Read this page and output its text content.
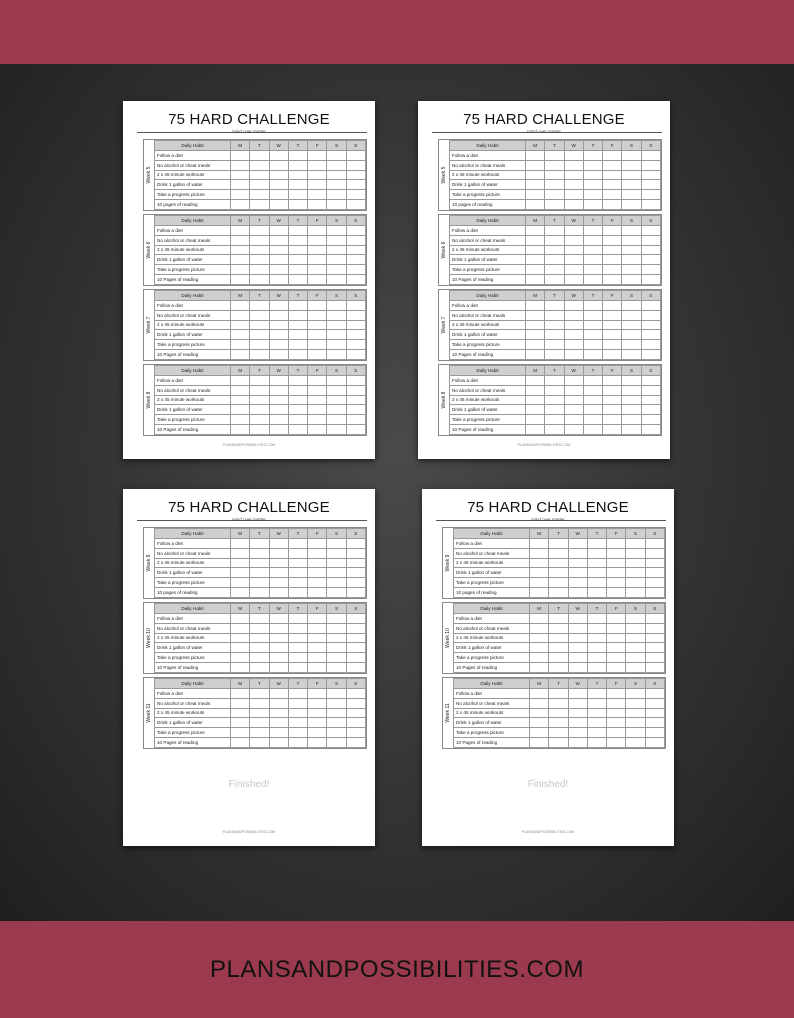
75 HARD CHALLENGE
mind over matter
Week 5
Daily Habit	M	T	W	T	F	S	S
Follow a diet							
No alcohol or cheat meals							
2 x 45 minute workouts							
Drink 1 gallon of water							
Take a progress picture							
10 pages of reading							
Week 6
Daily Habit	M	T	W	T	F	S	S
Follow a diet							
No alcohol or cheat meals							
2 x 45 minute workouts							
Drink 1 gallon of water							
Take a progress picture							
10 Pages of reading							
Week 7
Daily Habit	M	T	W	T	F	S	S
Follow a diet							
No alcohol or cheat meals							
2 x 45 minute workouts							
Drink 1 gallon of water							
Take a progress picture							
10 Pages of reading							
Week 8
Daily Habit	M	T	W	T	F	S	S
Follow a diet							
No alcohol or cheat meals							
2 x 45 minute workouts							
Drink 1 gallon of water							
Take a progress picture							
10 Pages of reading							
PLANSANDPOSSIBILITIES.COM
75 HARD CHALLENGE
mind over matter
Week 5
Daily Habit	M	T	W	T	F	S	S
Follow a diet							
No alcohol or cheat meals							
2 x 45 minute workouts							
Drink 1 gallon of water							
Take a progress picture							
10 pages of reading							
Week 6
Daily Habit	M	T	W	T	F	S	S
Follow a diet							
No alcohol or cheat meals							
2 x 45 minute workouts							
Drink 1 gallon of water							
Take a progress picture							
10 Pages of reading							
Week 7
Daily Habit	M	T	W	T	F	S	S
Follow a diet							
No alcohol or cheat meals							
2 x 45 minute workouts							
Drink 1 gallon of water							
Take a progress picture							
10 Pages of reading							
Week 8
Daily Habit	M	T	W	T	F	S	S
Follow a diet							
No alcohol or cheat meals							
2 x 45 minute workouts							
Drink 1 gallon of water							
Take a progress picture							
10 Pages of reading							
PLANSANDPOSSIBILITIES.COM
75 HARD CHALLENGE
mind over matter
Week 9
Daily Habit	M	T	W	T	F	S	S
Follow a diet							
No alcohol or cheat meals							
2 x 45 minute workouts							
Drink 1 gallon of water							
Take a progress picture							
10 pages of reading							
Week 10
Daily Habit	M	T	W	T	F	S	S
Follow a diet							
No alcohol or cheat meals							
2 x 45 minute workouts							
Drink 1 gallon of water							
Take a progress picture							
10 Pages of reading							
Week 11
Daily Habit	M	T	W	T	F	S	S
Follow a diet							
No alcohol or cheat meals							
2 x 45 minute workouts							
Drink 1 gallon of water							
Take a progress picture							
10 Pages of reading							
Finished!
PLANSANDPOSSIBILITIES.COM
75 HARD CHALLENGE
mind over matter
Week 9
Daily Habit	M	T	W	T	F	S	S
Follow a diet							
No alcohol or cheat meals							
2 x 45 minute workouts							
Drink 1 gallon of water							
Take a progress picture							
10 pages of reading							
Week 10
Daily Habit	M	T	W	T	F	S	S
Follow a diet							
No alcohol or cheat meals							
2 x 45 minute workouts							
Drink 1 gallon of water							
Take a progress picture							
10 Pages of reading							
Week 11
Daily Habit	M	T	W	T	F	S	S
Follow a diet							
No alcohol or cheat meals							
2 x 45 minute workouts							
Drink 1 gallon of water							
Take a progress picture							
10 Pages of reading							
Finished!
PLANSANDPOSSIBILITIES.COM
PLANSANDPOSSIBILITIES.COM
